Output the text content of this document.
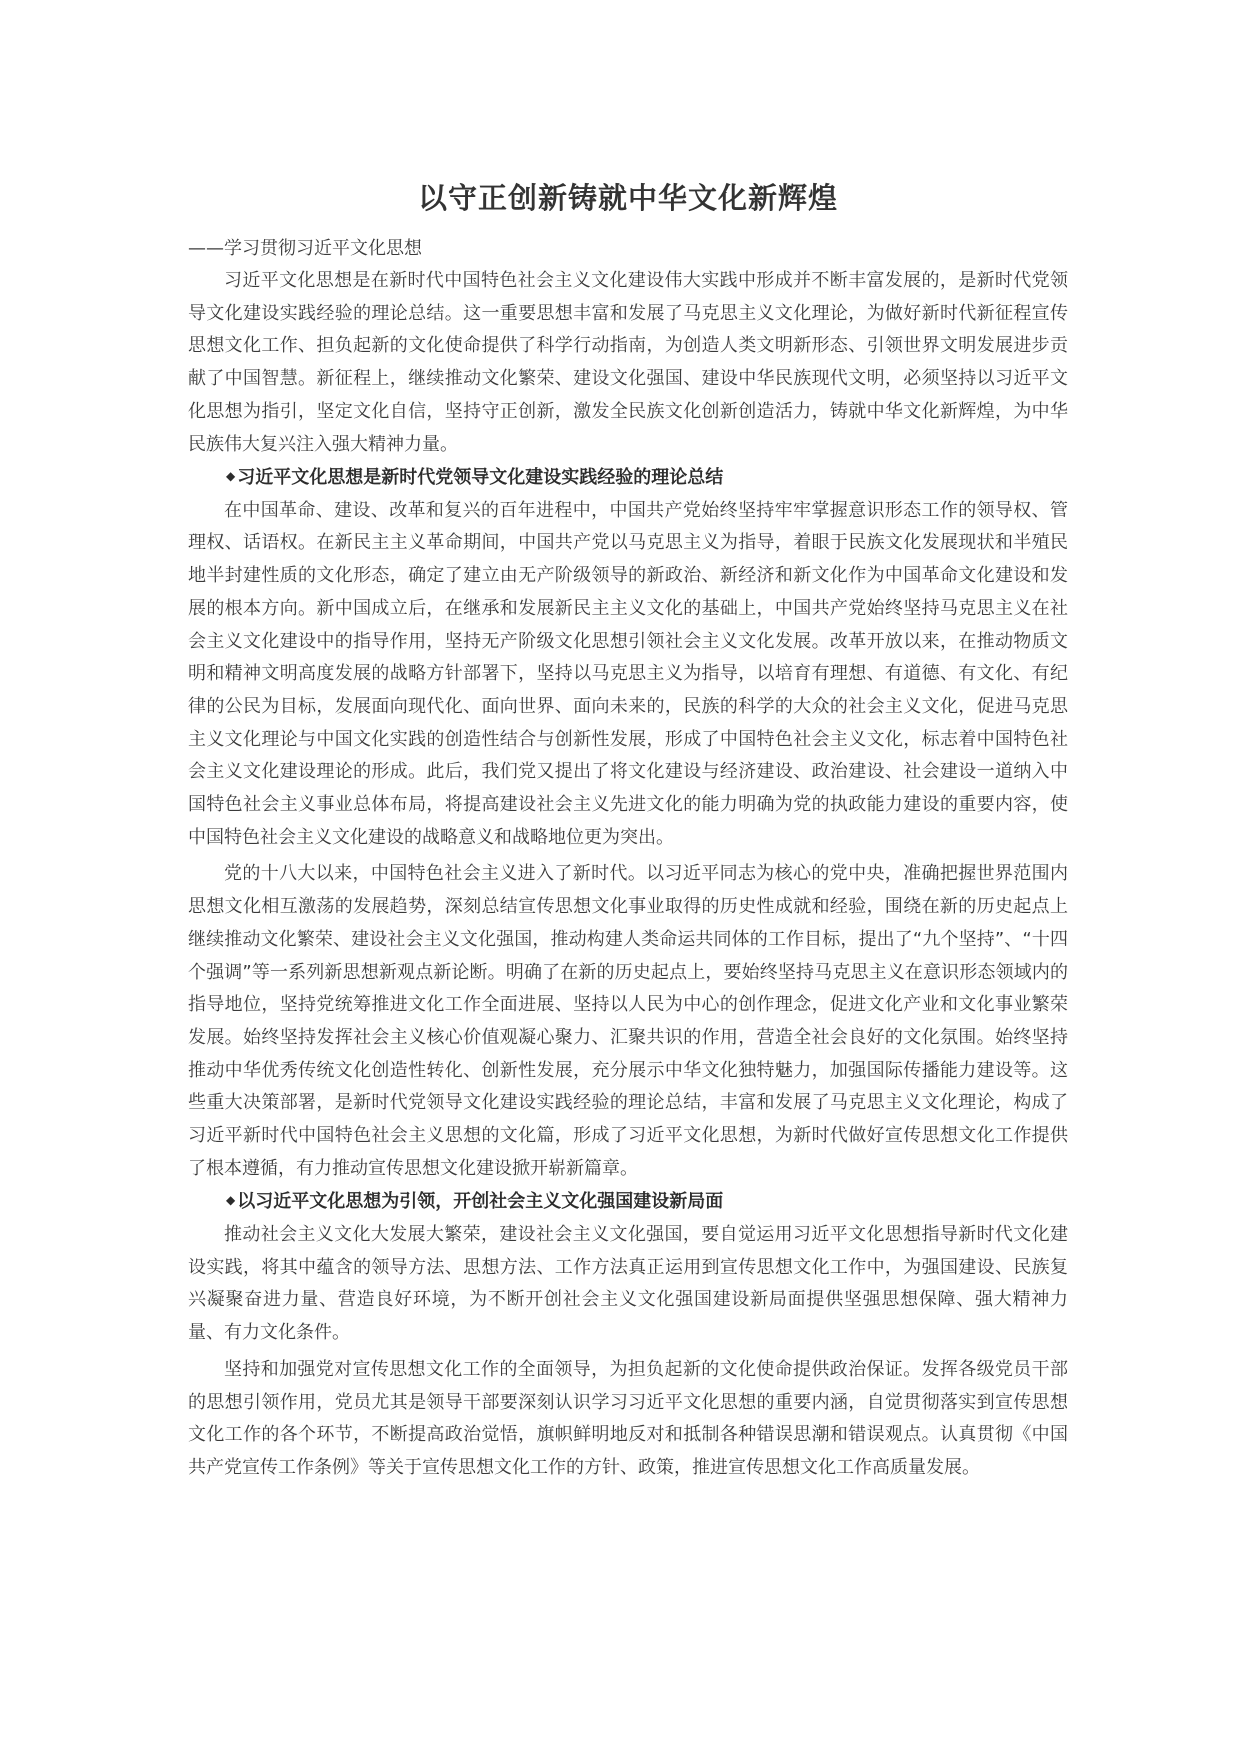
以守正创新铸就中华文化新辉煌

——学习贯彻习近平文化思想

习近平文化思想是在新时代中国特色社会主义文化建设伟大实践中形成并不断丰富发展的，是新时代党领导文化建设实践经验的理论总结。这一重要思想丰富和发展了马克思主义文化理论，为做好新时代新征程宣传思想文化工作、担负起新的文化使命提供了科学行动指南，为创造人类文明新形态、引领世界文明发展进步贡献了中国智慧。新征程上，继续推动文化繁荣、建设文化强国、建设中华民族现代文明，必须坚持以习近平文化思想为指引，坚定文化自信，坚持守正创新，激发全民族文化创新创造活力，铸就中华文化新辉煌，为中华民族伟大复兴注入强大精神力量。

◆ 习近平文化思想是新时代党领导文化建设实践经验的理论总结

在中国革命、建设、改革和复兴的百年进程中，中国共产党始终坚持牢牢掌握意识形态工作的领导权、管理权、话语权。在新民主主义革命期间，中国共产党以马克思主义为指导，着眼于民族文化发展现状和半殖民地半封建性质的文化形态，确定了建立由无产阶级领导的新政治、新经济和新文化作为中国革命文化建设和发展的根本方向。新中国成立后，在继承和发展新民主主义文化的基础上，中国共产党始终坚持马克思主义在社会主义文化建设中的指导作用，坚持无产阶级文化思想引领社会主义文化发展。改革开放以来，在推动物质文明和精神文明高度发展的战略方针部署下，坚持以马克思主义为指导，以培育有理想、有道德、有文化、有纪律的公民为目标，发展面向现代化、面向世界、面向未来的，民族的科学的大众的社会主义文化，促进马克思主义文化理论与中国文化实践的创造性结合与创新性发展，形成了中国特色社会主义文化，标志着中国特色社会主义文化建设理论的形成。此后，我们党又提出了将文化建设与经济建设、政治建设、社会建设一道纳入中国特色社会主义事业总体布局，将提高建设社会主义先进文化的能力明确为党的执政能力建设的重要内容，使中国特色社会主义文化建设的战略意义和战略地位更为突出。

党的十八大以来，中国特色社会主义进入了新时代。以习近平同志为核心的党中央，准确把握世界范围内思想文化相互激荡的发展趋势，深刻总结宣传思想文化事业取得的历史性成就和经验，围绕在新的历史起点上继续推动文化繁荣、建设社会主义文化强国，推动构建人类命运共同体的工作目标，提出了“九个坚持”、“十四个强调”等一系列新思想新观点新论断。明确了在新的历史起点上，要始终坚持马克思主义在意识形态领域内的指导地位，坚持党统筹推进文化工作全面进展、坚持以人民为中心的创作理念，促进文化产业和文化事业繁荣发展。始终坚持发挥社会主义核心价值观凝心聚力、汇聚共识的作用，营造全社会良好的文化氛围。始终坚持推动中华优秀传统文化创造性转化、创新性发展，充分展示中华文化独特魅力，加强国际传播能力建设等。这些重大决策部署，是新时代党领导文化建设实践经验的理论总结，丰富和发展了马克思主义文化理论，构成了习近平新时代中国特色社会主义思想的文化篇，形成了习近平文化思想，为新时代做好宣传思想文化工作提供了根本遵循，有力推动宣传思想文化建设掀开崭新篇章。

◆ 以习近平文化思想为引领，开创社会主义文化强国建设新局面

推动社会主义文化大发展大繁荣，建设社会主义文化强国，要自觉运用习近平文化思想指导新时代文化建设实践，将其中蕴含的领导方法、思想方法、工作方法真正运用到宣传思想文化工作中，为强国建设、民族复兴凝聚奋进力量、营造良好环境，为不断开创社会主义文化强国建设新局面提供坚强思想保障、强大精神力量、有力文化条件。

坚持和加强党对宣传思想文化工作的全面领导，为担负起新的文化使命提供政治保证。发挥各级党员干部的思想引领作用，党员尤其是领导干部要深刻认识学习习近平文化思想的重要内涵，自觉贯彻落实到宣传思想文化工作的各个环节，不断提高政治觉悟，旗帜鲜明地反对和抵制各种错误思潮和错误观点。认真贯彻《中国共产党宣传工作条例》等关于宣传思想文化工作的方针、政策，推进宣传思想文化工作高质量发展。
